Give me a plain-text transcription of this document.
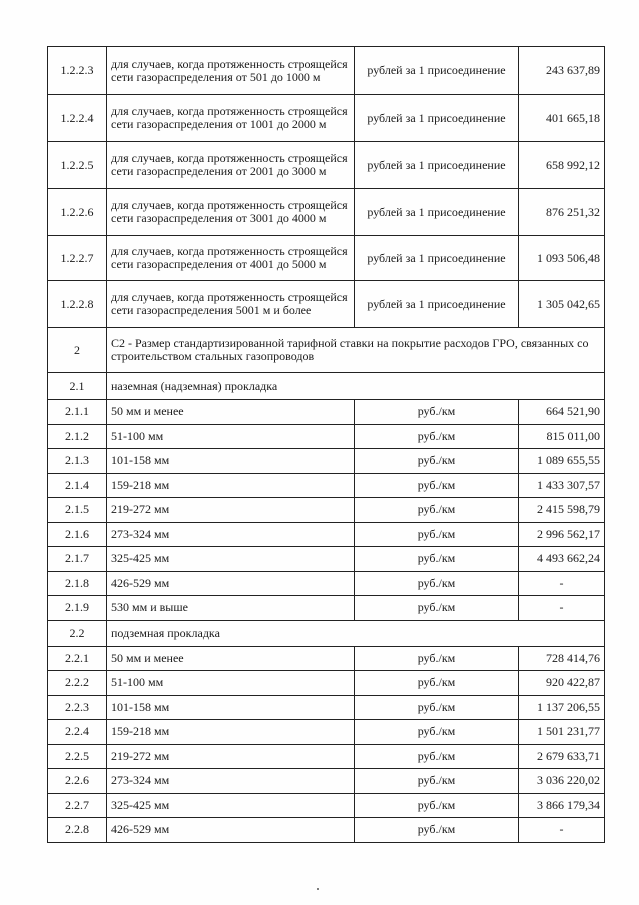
1.2.2.3	для случаев, когда протяженность строящейся сети газораспределения от 501 до 1000 м	рублей за 1 присоединение	243 637,89
1.2.2.4	для случаев, когда протяженность строящейся сети газораспределения от 1001 до 2000 м	рублей за 1 присоединение	401 665,18
1.2.2.5	для случаев, когда протяженность строящейся сети газораспределения от 2001 до 3000 м	рублей за 1 присоединение	658 992,12
1.2.2.6	для случаев, когда протяженность строящейся сети газораспределения от 3001 до 4000 м	рублей за 1 присоединение	876 251,32
1.2.2.7	для случаев, когда протяженность строящейся сети газораспределения от 4001 до 5000 м	рублей за 1 присоединение	1 093 506,48
1.2.2.8	для случаев, когда протяженность строящейся сети газораспределения 5001 м и более	рублей за 1 присоединение	1 305 042,65
2	С2 - Размер стандартизированной тарифной ставки на покрытие расходов ГРО, связанных со строительством стальных газопроводов		
2.1	наземная (надземная) прокладка		
2.1.1	50 мм и менее	руб./км	664 521,90
2.1.2	51-100 мм	руб./км	815 011,00
2.1.3	101-158 мм	руб./км	1 089 655,55
2.1.4	159-218 мм	руб./км	1 433 307,57
2.1.5	219-272 мм	руб./км	2 415 598,79
2.1.6	273-324 мм	руб./км	2 996 562,17
2.1.7	325-425 мм	руб./км	4 493 662,24
2.1.8	426-529 мм	руб./км	-
2.1.9	530 мм и выше	руб./км	-
2.2	подземная прокладка		
2.2.1	50 мм и менее	руб./км	728 414,76
2.2.2	51-100 мм	руб./км	920 422,87
2.2.3	101-158 мм	руб./км	1 137 206,55
2.2.4	159-218 мм	руб./км	1 501 231,77
2.2.5	219-272 мм	руб./км	2 679 633,71
2.2.6	273-324 мм	руб./км	3 036 220,02
2.2.7	325-425 мм	руб./км	3 866 179,34
2.2.8	426-529 мм	руб./км	-
